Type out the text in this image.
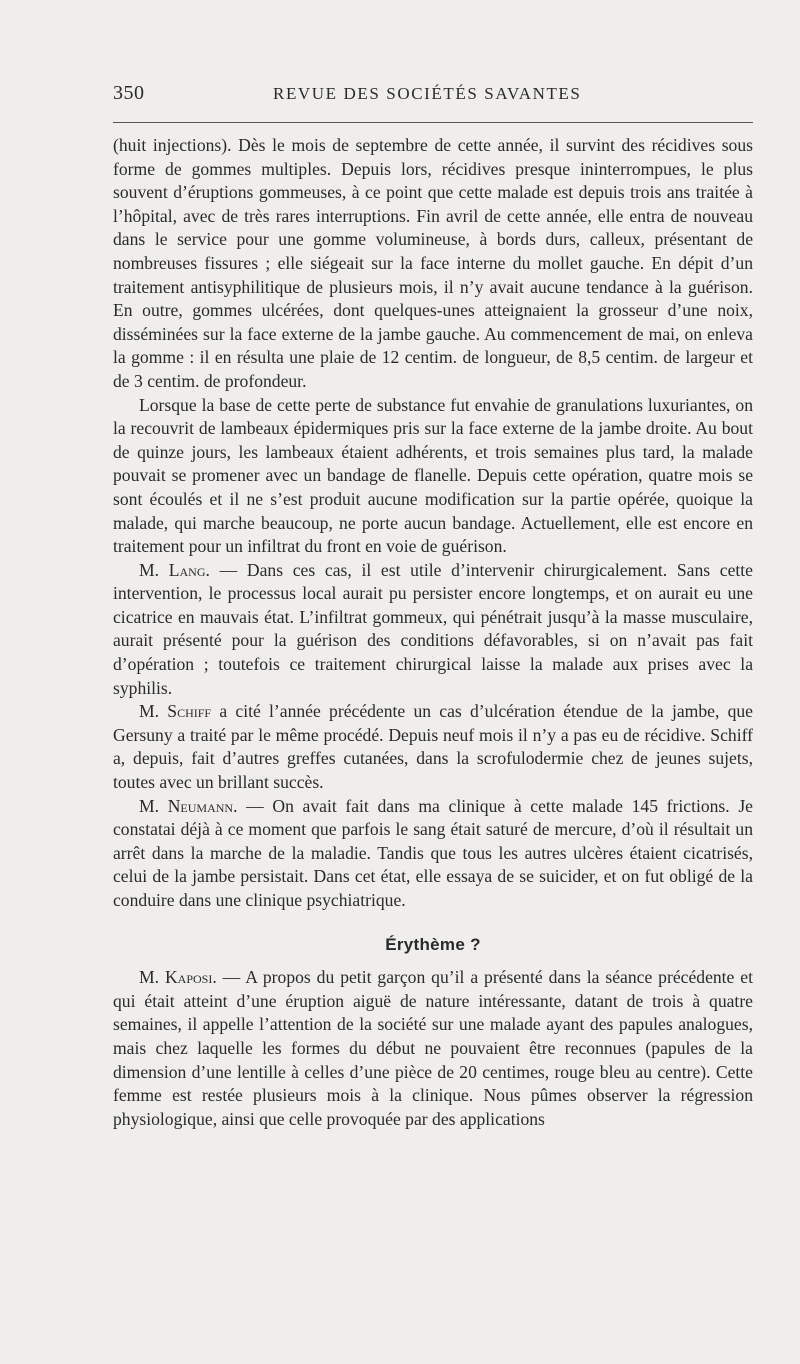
350	REVUE DES SOCIÉTÉS SAVANTES

(huit injections). Dès le mois de septembre de cette année, il survint des récidives sous forme de gommes multiples. Depuis lors, récidives presque ininterrompues, le plus souvent d’éruptions gommeuses, à ce point que cette malade est depuis trois ans traitée à l’hôpital, avec de très rares interruptions. Fin avril de cette année, elle entra de nouveau dans le service pour une gomme volumineuse, à bords durs, calleux, présentant de nombreuses fissures ; elle siégeait sur la face interne du mollet gauche. En dépit d’un traitement antisyphilitique de plusieurs mois, il n’y avait aucune tendance à la guérison. En outre, gommes ulcérées, dont quelques-unes atteignaient la grosseur d’une noix, disséminées sur la face externe de la jambe gauche. Au commencement de mai, on enleva la gomme : il en résulta une plaie de 12 centim. de longueur, de 8,5 centim. de largeur et de 3 centim. de profondeur.

Lorsque la base de cette perte de substance fut envahie de granulations luxuriantes, on la recouvrit de lambeaux épidermiques pris sur la face externe de la jambe droite. Au bout de quinze jours, les lambeaux étaient adhérents, et trois semaines plus tard, la malade pouvait se promener avec un bandage de flanelle. Depuis cette opération, quatre mois se sont écoulés et il ne s’est produit aucune modification sur la partie opérée, quoique la malade, qui marche beaucoup, ne porte aucun bandage. Actuellement, elle est encore en traitement pour un infiltrat du front en voie de guérison.

M. Lang. — Dans ces cas, il est utile d’intervenir chirurgicalement. Sans cette intervention, le processus local aurait pu persister encore longtemps, et on aurait eu une cicatrice en mauvais état. L’infiltrat gommeux, qui pénétrait jusqu’à la masse musculaire, aurait présenté pour la guérison des conditions défavorables, si on n’avait pas fait d’opération ; toutefois ce traitement chirurgical laisse la malade aux prises avec la syphilis.

M. Schiff a cité l’année précédente un cas d’ulcération étendue de la jambe, que Gersuny a traité par le même procédé. Depuis neuf mois il n’y a pas eu de récidive. Schiff a, depuis, fait d’autres greffes cutanées, dans la scrofulodermie chez de jeunes sujets, toutes avec un brillant succès.

M. Neumann. — On avait fait dans ma clinique à cette malade 145 frictions. Je constatai déjà à ce moment que parfois le sang était saturé de mercure, d’où il résultait un arrêt dans la marche de la maladie. Tandis que tous les autres ulcères étaient cicatrisés, celui de la jambe persistait. Dans cet état, elle essaya de se suicider, et on fut obligé de la conduire dans une clinique psychiatrique.

Érythème ?

M. Kaposi. — A propos du petit garçon qu’il a présenté dans la séance précédente et qui était atteint d’une éruption aiguë de nature intéressante, datant de trois à quatre semaines, il appelle l’attention de la société sur une malade ayant des papules analogues, mais chez laquelle les formes du début ne pouvaient être reconnues (papules de la dimension d’une lentille à celles d’une pièce de 20 centimes, rouge bleu au centre). Cette femme est restée plusieurs mois à la clinique. Nous pûmes observer la régression physiologique, ainsi que celle provoquée par des applications
